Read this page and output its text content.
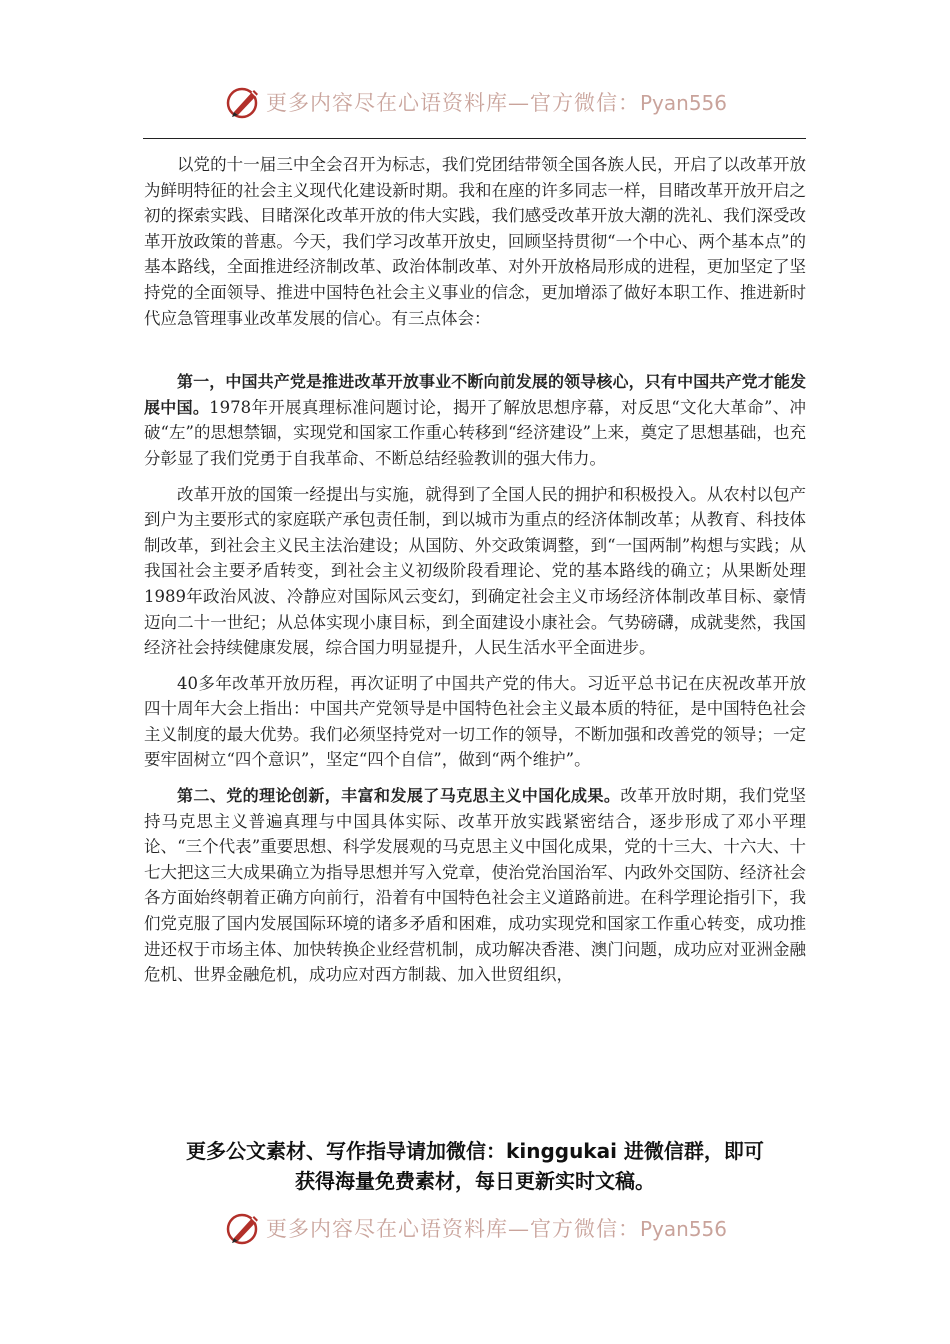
更多内容尽在心语资料库—官方微信：Pyan556

以党的十一届三中全会召开为标志，我们党团结带领全国各族人民，开启了以改革开放为鲜明特征的社会主义现代化建设新时期。我和在座的许多同志一样，目睹改革开放开启之初的探索实践、目睹深化改革开放的伟大实践，我们感受改革开放大潮的洗礼、我们深受改革开放政策的普惠。今天，我们学习改革开放史，回顾坚持贯彻“一个中心、两个基本点”的基本路线，全面推进经济制改革、政治体制改革、对外开放格局形成的进程，更加坚定了坚持党的全面领导、推进中国特色社会主义事业的信念，更加增添了做好本职工作、推进新时代应急管理事业改革发展的信心。有三点体会：

第一，中国共产党是推进改革开放事业不断向前发展的领导核心，只有中国共产党才能发展中国。1978年开展真理标准问题讨论，揭开了解放思想序幕，对反思“文化大革命”、冲破“左”的思想禁锢，实现党和国家工作重心转移到“经济建设”上来，奠定了思想基础，也充分彰显了我们党勇于自我革命、不断总结经验教训的强大伟力。

改革开放的国策一经提出与实施，就得到了全国人民的拥护和积极投入。从农村以包产到户为主要形式的家庭联产承包责任制，到以城市为重点的经济体制改革；从教育、科技体制改革，到社会主义民主法治建设；从国防、外交政策调整，到“一国两制”构想与实践；从我国社会主要矛盾转变，到社会主义初级阶段看理论、党的基本路线的确立；从果断处理1989年政治风波、冷静应对国际风云变幻，到确定社会主义市场经济体制改革目标、豪情迈向二十一世纪；从总体实现小康目标，到全面建设小康社会。气势磅礴，成就斐然，我国经济社会持续健康发展，综合国力明显提升，人民生活水平全面进步。

40多年改革开放历程，再次证明了中国共产党的伟大。习近平总书记在庆祝改革开放四十周年大会上指出：中国共产党领导是中国特色社会主义最本质的特征，是中国特色社会主义制度的最大优势。我们必须坚持党对一切工作的领导，不断加强和改善党的领导；一定要牢固树立“四个意识”，坚定“四个自信”，做到“两个维护”。

第二、党的理论创新，丰富和发展了马克思主义中国化成果。改革开放时期，我们党坚持马克思主义普遍真理与中国具体实际、改革开放实践紧密结合，逐步形成了邓小平理论、“三个代表”重要思想、科学发展观的马克思主义中国化成果，党的十三大、十六大、十七大把这三大成果确立为指导思想并写入党章，使治党治国治军、内政外交国防、经济社会各方面始终朝着正确方向前行，沿着有中国特色社会主义道路前进。在科学理论指引下，我们党克服了国内发展国际环境的诸多矛盾和困难，成功实现党和国家工作重心转变，成功推进还权于市场主体、加快转换企业经营机制，成功解决香港、澳门问题，成功应对亚洲金融危机、世界金融危机，成功应对西方制裁、加入世贸组织，

更多公文素材、写作指导请加微信：kinggukai 进微信群，即可
获得海量免费素材，每日更新实时文稿。
更多内容尽在心语资料库—官方微信：Pyan556
